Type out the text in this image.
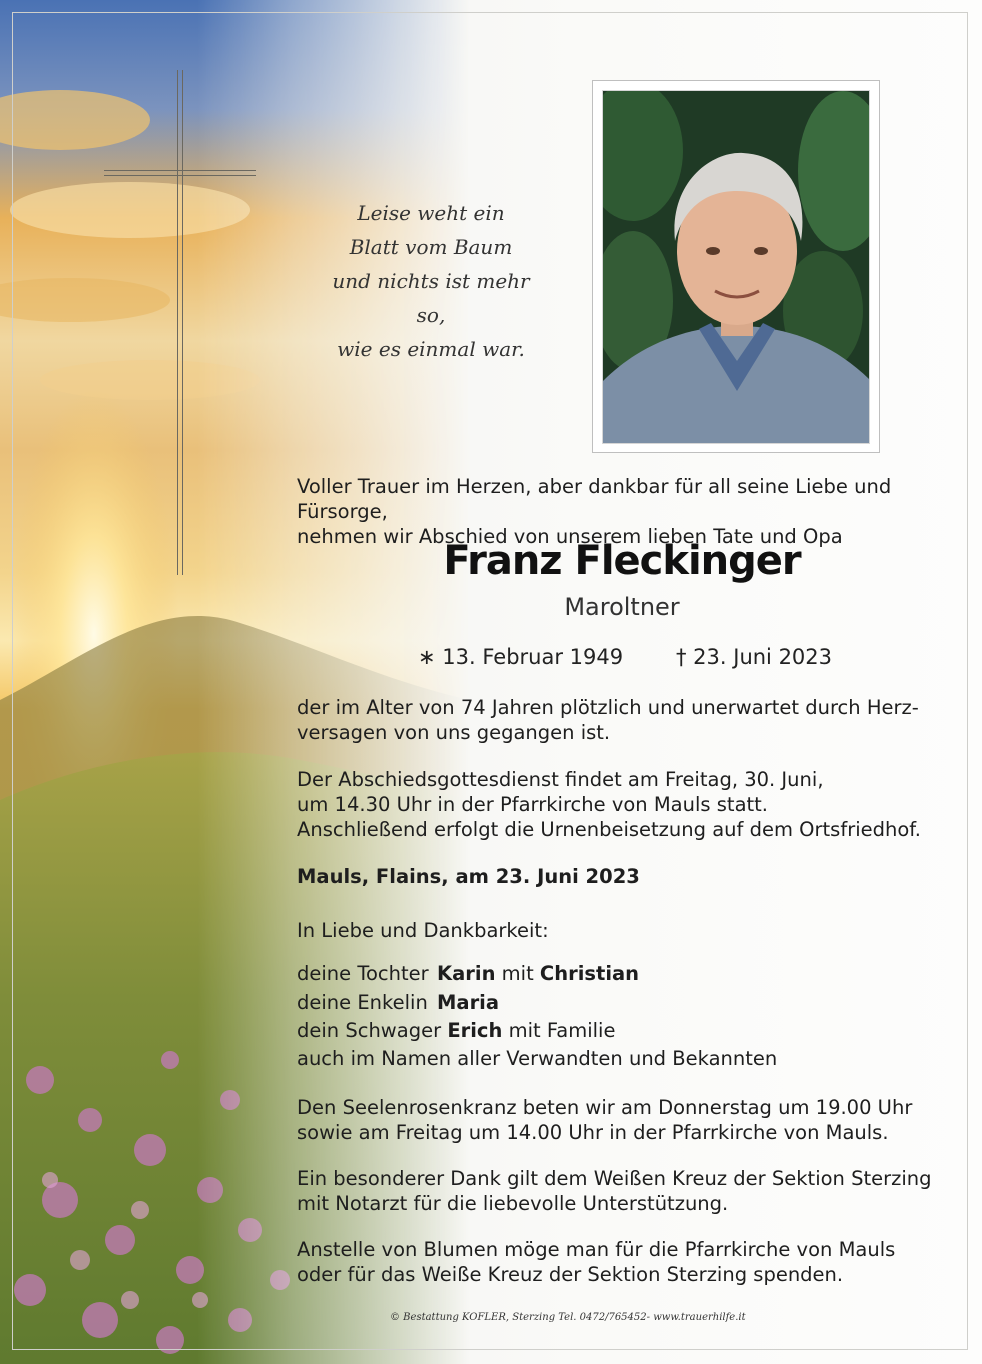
Leise weht ein
Blatt vom Baum
und nichts ist mehr so,
wie es einmal war.
Voller Trauer im Herzen, aber dankbar für all seine Liebe und Fürsorge,
nehmen wir Abschied von unserem lieben Tate und Opa
Franz Fleckinger
Maroltner
∗ 13. Februar 1949	† 23. Juni 2023
der im Alter von 74 Jahren plötzlich und unerwartet durch Herz-
versagen von uns gegangen ist.
Der Abschiedsgottesdienst findet am Freitag, 30. Juni,
um 14.30 Uhr in der Pfarrkirche von Mauls statt.
Anschließend erfolgt die Urnenbeisetzung auf dem Ortsfriedhof.
Mauls, Flains, am 23. Juni 2023
In Liebe und Dankbarkeit:
deine Tochter Karin mit Christian
deine Enkelin Maria
dein Schwager Erich mit Familie
auch im Namen aller Verwandten und Bekannten
Den Seelenrosenkranz beten wir am Donnerstag um 19.00 Uhr
sowie am Freitag um 14.00 Uhr in der Pfarrkirche von Mauls.
Ein besonderer Dank gilt dem Weißen Kreuz der Sektion Sterzing
mit Notarzt für die liebevolle Unterstützung.
Anstelle von Blumen möge man für die Pfarrkirche von Mauls
oder für das Weiße Kreuz der Sektion Sterzing spenden.
© Bestattung KOFLER, Sterzing Tel. 0472/765452- www.trauerhilfe.it
